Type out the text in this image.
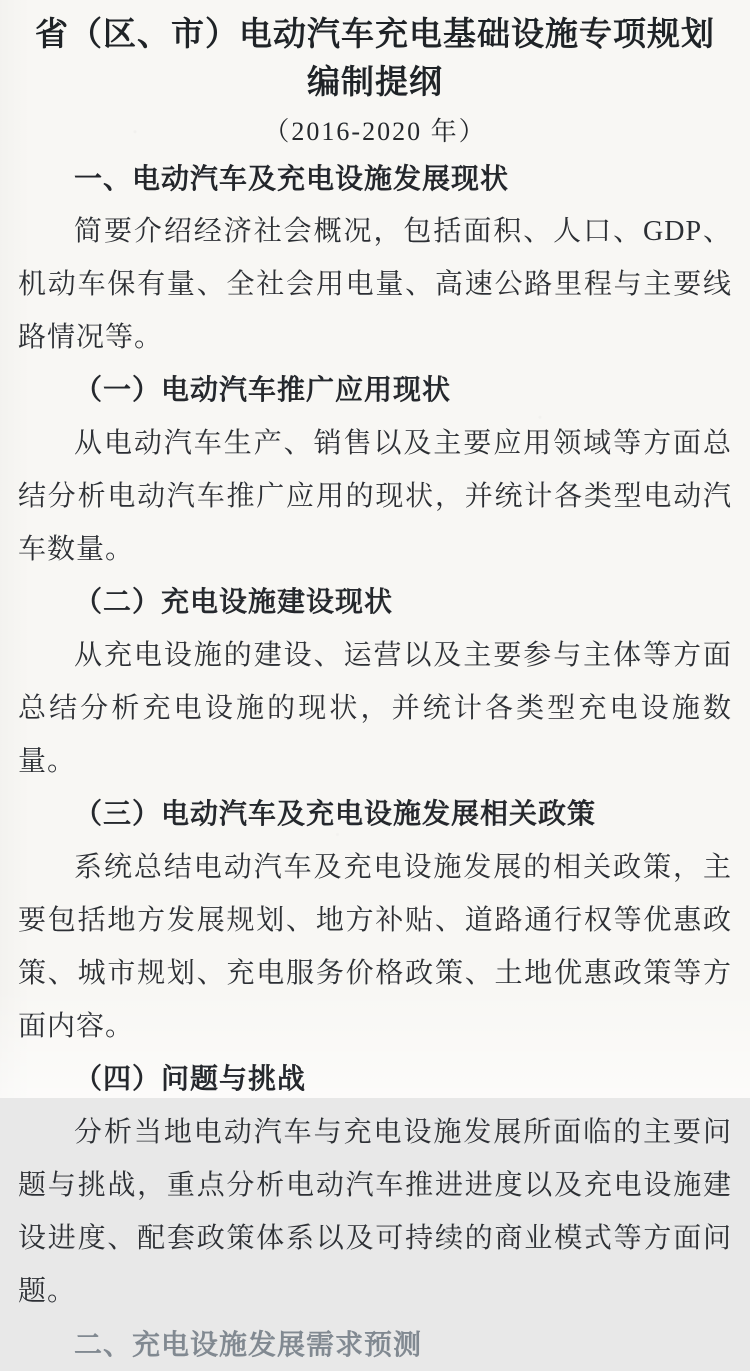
省（区、市）电动汽车充电基础设施专项规划
编制提纲
（2016-2020 年）
一、电动汽车及充电设施发展现状
简要介绍经济社会概况，包括面积、人口、GDP、机动车保有量、全社会用电量、高速公路里程与主要线路情况等。
（一）电动汽车推广应用现状
从电动汽车生产、销售以及主要应用领域等方面总结分析电动汽车推广应用的现状，并统计各类型电动汽车数量。
（二）充电设施建设现状
从充电设施的建设、运营以及主要参与主体等方面总结分析充电设施的现状，并统计各类型充电设施数量。
（三）电动汽车及充电设施发展相关政策
系统总结电动汽车及充电设施发展的相关政策，主要包括地方发展规划、地方补贴、道路通行权等优惠政策、城市规划、充电服务价格政策、土地优惠政策等方面内容。
（四）问题与挑战
分析当地电动汽车与充电设施发展所面临的主要问题与挑战，重点分析电动汽车推进进度以及充电设施建设进度、配套政策体系以及可持续的商业模式等方面问题。
二、充电设施发展需求预测
